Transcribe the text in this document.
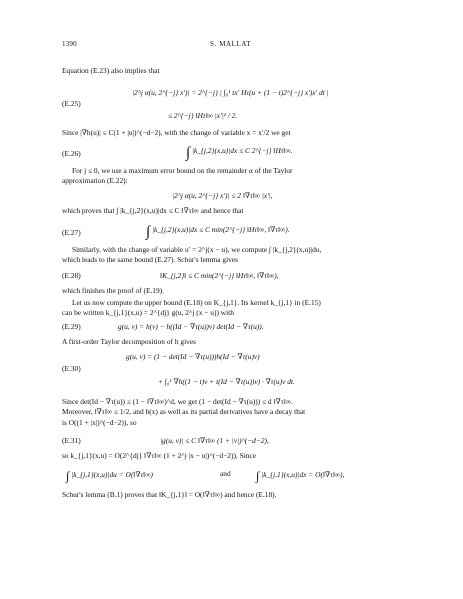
1390	S. MALLAT
Equation (E.23) also implies that
(E.25)
|2^j α(u, 2^{−j} x′)| = 2^{−j} | ∫₀¹ tx′ Hτ(u + (1 − t)2^{−j} x′)x′ dt |
≤ 2^{−j} ‖Hτ‖∞ |x′|² / 2.
Since |∇h(u)| ≤ C(1 + |u|)^(−d−2), with the change of variable x = x′/2 we get
(E.26)	∫ |k_{j,2}(x,u)|dx ≤ C 2^{−j} ‖Hτ‖∞.
For j ≤ 0, we use a maximum error bound on the remainder α of the Taylor
approximation (E.22):
|2^j α(u, 2^{−j} x′)| ≤ 2 ‖∇τ‖∞ |x′|,
which proves that ∫ |k_{j,2}(x,u)|dx ≤ C ‖∇τ‖∞ and hence that
(E.27)	∫ |k_{j,2}(x,u)|dx ≤ C min(2^{−j} ‖Hτ‖∞, ‖∇τ‖∞).
Similarly, with the change of variable u′ = 2^j(x − u), we compute ∫ |k_{j,2}(x,u)|du,
which leads to the same bound (E.27). Schur's lemma gives
(E.28)	‖K_{j,2}‖ ≤ C min(2^{−j} ‖Hτ‖∞, ‖∇τ‖∞),
which finishes the proof of (E.19).
Let us now compute the upper bound (E.18) on K_{j,1}. Its kernel k_{j,1} in (E.15)
can be written k_{j,1}(x,u) = 2^{dj} g(u, 2^j (x − u)) with
(E.29)	g(u, v) = h(v) − h((Id − ∇τ(u))v) det(Id − ∇τ(u)).
A first-order Taylor decomposition of h gives
(E.30)
g(u, v) = (1 − det(Id − ∇τ(u)))h(Id − ∇τ(u)v)
+ ∫₀¹ ∇h((1 − t)v + t(Id − ∇τ(u))v) · ∇τ(u)v dt.
Since det(Id − ∇τ(u)) ≥ (1 − ‖∇τ‖∞)^d, we get (1 − det(Id − ∇τ(u))) ≤ d ‖∇τ‖∞.
Moreover, ‖∇τ‖∞ ≤ 1/2, and h(x) as well as its partial derivatives have a decay that
is O((1 + |x|)^(−d−2)), so
(E.31)	|g(u, v)| ≤ C ‖∇τ‖∞ (1 + |v|)^(−d−2),
so k_{j,1}(x,u) = O(2^{dj} ‖∇τ‖∞ (1 + 2^j |x − u|)^(−d−2)). Since
∫ |k_{j,1}(x,u)|du = O(‖∇τ‖∞)	and ∫ |k_{j,1}(x,u)|dx = O(‖∇τ‖∞),
Schur's lemma (B.1) proves that ‖K_{j,1}‖ = O(‖∇τ‖∞) and hence (E.18).
